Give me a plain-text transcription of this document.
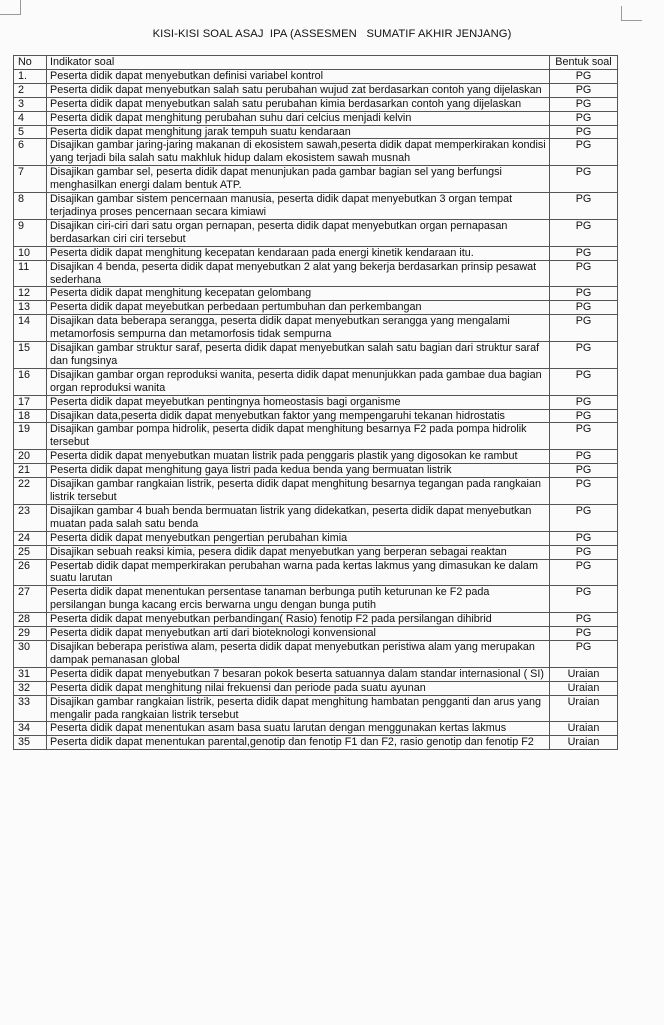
KISI-KISI SOAL ASAJ  IPA (ASSESMEN   SUMATIF AKHIR JENJANG)
No	Indikator soal	Bentuk soal
1.	Peserta didik dapat menyebutkan definisi variabel kontrol	PG
2	Peserta didik dapat menyebutkan salah satu perubahan wujud zat berdasarkan contoh yang dijelaskan	PG
3	Peserta didik dapat menyebutkan salah satu perubahan kimia berdasarkan contoh yang dijelaskan	PG
4	Peserta didik dapat menghitung perubahan suhu dari celcius menjadi kelvin	PG
5	Peserta didik dapat menghitung jarak tempuh suatu kendaraan	PG
6	Disajikan gambar jaring-jaring makanan di ekosistem sawah,peserta didik dapat memperkirakan kondisi yang terjadi bila salah satu makhluk hidup dalam ekosistem sawah musnah	PG
7	Disajikan gambar sel, peserta didik dapat menunjukan pada gambar bagian sel yang berfungsi menghasilkan energi dalam bentuk ATP.	PG
8	Disajikan gambar sistem pencernaan manusia, peserta didik dapat menyebutkan 3 organ tempat terjadinya proses pencernaan secara kimiawi	PG
9	Disajikan ciri-ciri dari satu organ pernapan, peserta didik dapat menyebutkan organ pernapasan berdasarkan ciri ciri tersebut	PG
10	Peserta didik dapat menghitung kecepatan kendaraan pada energi kinetik kendaraan itu.	PG
11	Disajikan 4 benda, peserta didik dapat menyebutkan 2 alat yang bekerja berdasarkan prinsip pesawat sederhana	PG
12	Peserta didik dapat menghitung kecepatan gelombang	PG
13	Peserta didik dapat meyebutkan perbedaan pertumbuhan dan perkembangan	PG
14	Disajikan data beberapa serangga, peserta didik dapat menyebutkan serangga yang mengalami metamorfosis sempurna dan metamorfosis tidak sempurna	PG
15	Disajikan gambar struktur saraf, peserta didik dapat menyebutkan salah satu bagian dari struktur saraf dan fungsinya	PG
16	Disajikan gambar organ reproduksi wanita, peserta didik dapat menunjukkan pada gambae dua bagian organ reproduksi wanita	PG
17	Peserta didik dapat meyebutkan pentingnya homeostasis bagi organisme	PG
18	Disajikan data,peserta didik dapat menyebutkan faktor yang mempengaruhi tekanan hidrostatis	PG
19	Disajikan gambar pompa hidrolik, peserta didik dapat menghitung besarnya F2 pada pompa hidrolik tersebut	PG
20	Peserta didik dapat menyebutkan muatan listrik pada penggaris plastik yang digosokan ke rambut	PG
21	Peserta didik dapat menghitung gaya listri pada kedua benda yang bermuatan listrik	PG
22	Disajikan gambar rangkaian listrik, peserta didik dapat menghitung besarnya tegangan pada rangkaian listrik tersebut	PG
23	Disajikan gambar 4 buah benda bermuatan listrik yang didekatkan, peserta didik dapat menyebutkan muatan pada salah satu benda	PG
24	Peserta didik dapat menyebutkan pengertian perubahan kimia	PG
25	Disajikan sebuah reaksi kimia, pesera didik dapat menyebutkan yang berperan sebagai reaktan	PG
26	Pesertab didik dapat memperkirakan perubahan warna pada kertas lakmus yang dimasukan ke dalam suatu larutan	PG
27	Peserta didik dapat menentukan persentase tanaman berbunga putih keturunan ke F2 pada persilangan bunga kacang ercis berwarna ungu dengan bunga putih	PG
28	Peserta didik dapat menyebutkan perbandingan( Rasio) fenotip F2 pada persilangan dihibrid	PG
29	Peserta didik dapat menyebutkan arti dari bioteknologi konvensional	PG
30	Disajikan beberapa peristiwa alam, peserta didik dapat menyebutkan peristiwa alam yang merupakan dampak pemanasan global	PG
31	Peserta didik dapat menyebutkan 7 besaran pokok beserta satuannya dalam standar internasional ( SI)	Uraian
32	Peserta didik dapat menghitung nilai frekuensi dan periode pada suatu ayunan	Uraian
33	Disajikan gambar rangkaian listrik, peserta didik dapat menghitung hambatan pengganti dan arus yang mengalir pada rangkaian listrik tersebut	Uraian
34	Peserta didik dapat menentukan asam basa suatu larutan dengan menggunakan kertas lakmus	Uraian
35	Peserta didik dapat menentukan parental,genotip dan fenotip F1 dan F2, rasio genotip dan fenotip F2	Uraian
